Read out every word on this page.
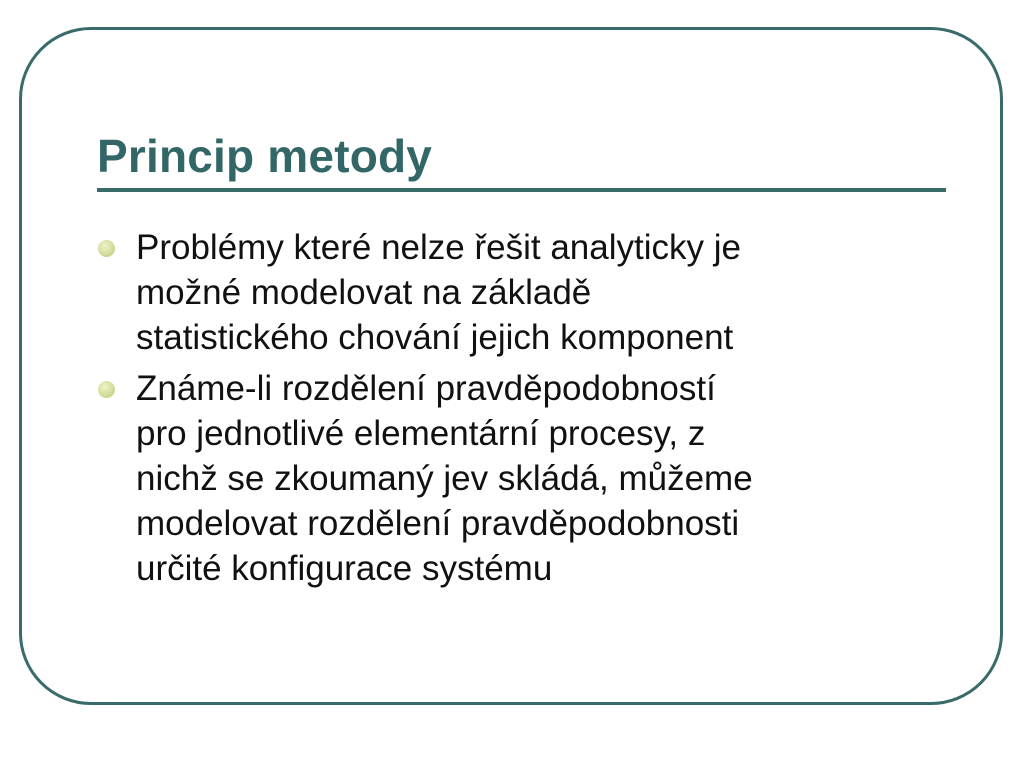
Princip metody
Problémy které nelze řešit analyticky je
možné modelovat na základě
statistického chování jejich komponent
Známe-li rozdělení pravděpodobností
pro jednotlivé elementární procesy, z
nichž se zkoumaný jev skládá, můžeme
modelovat rozdělení pravděpodobnosti
určité konfigurace systému
